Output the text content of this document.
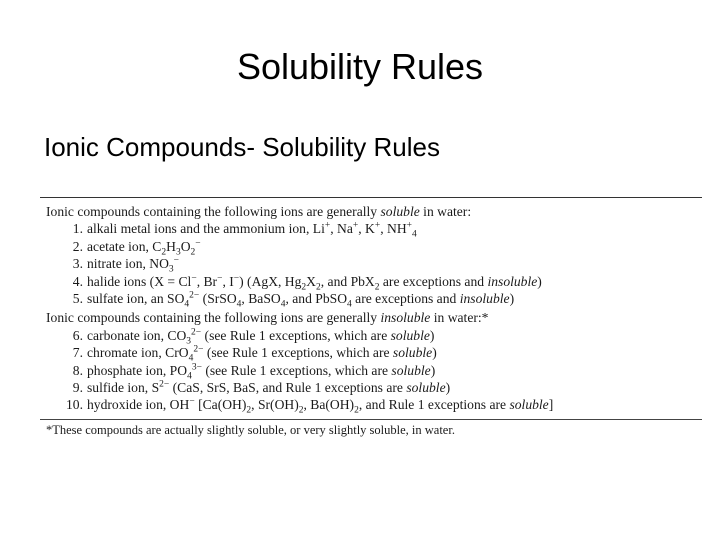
Solubility Rules
Ionic Compounds- Solubility Rules
Ionic compounds containing the following ions are generally soluble in water:
1. alkali metal ions and the ammonium ion, Li+, Na+, K+, $NH^+_4$
2. acetate ion, $C_2H_3O_2^-$
3. nitrate ion, $NO_3^-$
4. halide ions (X = Cl−, Br−, I−) (AgX, $Hg_2X_2$, and PbX$_2$ are exceptions and insoluble)
5. sulfate ion, an $SO_4^{2-}$ (SrSO$_4$, BaSO$_4$, and PbSO$_4$ are exceptions and insoluble)
Ionic compounds containing the following ions are generally insoluble in water:*
6. carbonate ion, $CO_3^{2-}$ (see Rule 1 exceptions, which are soluble)
7. chromate ion, CrO$_4^{2-}$ (see Rule 1 exceptions, which are soluble)
8. phosphate ion, $PO_4^{3-}$ (see Rule 1 exceptions, which are soluble)
9. sulfide ion, $S^{2-}$ (CaS, SrS, BaS, and Rule 1 exceptions are soluble)
10. hydroxide ion, OH− [$Ca(OH)_2$, $Sr(OH)_2$, $Ba(OH)_2$, and Rule 1 exceptions are soluble]
*These compounds are actually slightly soluble, or very slightly soluble, in water.
